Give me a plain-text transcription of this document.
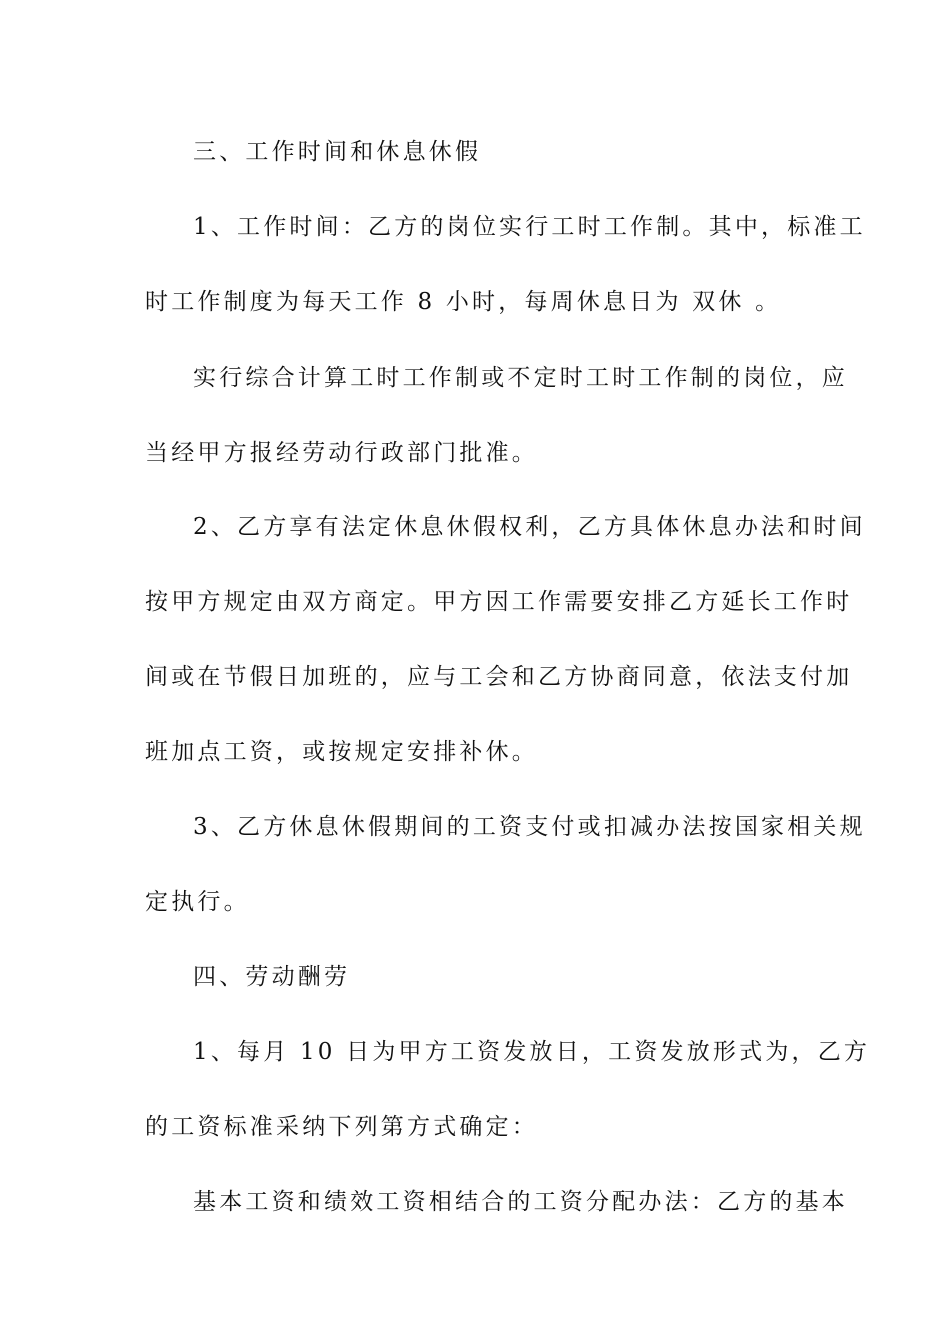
三、工作时间和休息休假

1、工作时间：乙方的岗位实行工时工作制。其中，标准工

时工作制度为每天工作 8 小时，每周休息日为 双休 。

实行综合计算工时工作制或不定时工时工作制的岗位，应

当经甲方报经劳动行政部门批准。

2、乙方享有法定休息休假权利，乙方具体休息办法和时间

按甲方规定由双方商定。甲方因工作需要安排乙方延长工作时

间或在节假日加班的，应与工会和乙方协商同意，依法支付加

班加点工资，或按规定安排补休。

3、乙方休息休假期间的工资支付或扣减办法按国家相关规

定执行。

四、劳动酬劳

1、每月 10 日为甲方工资发放日，工资发放形式为，乙方

的工资标准采纳下列第方式确定：

基本工资和绩效工资相结合的工资分配办法：乙方的基本
